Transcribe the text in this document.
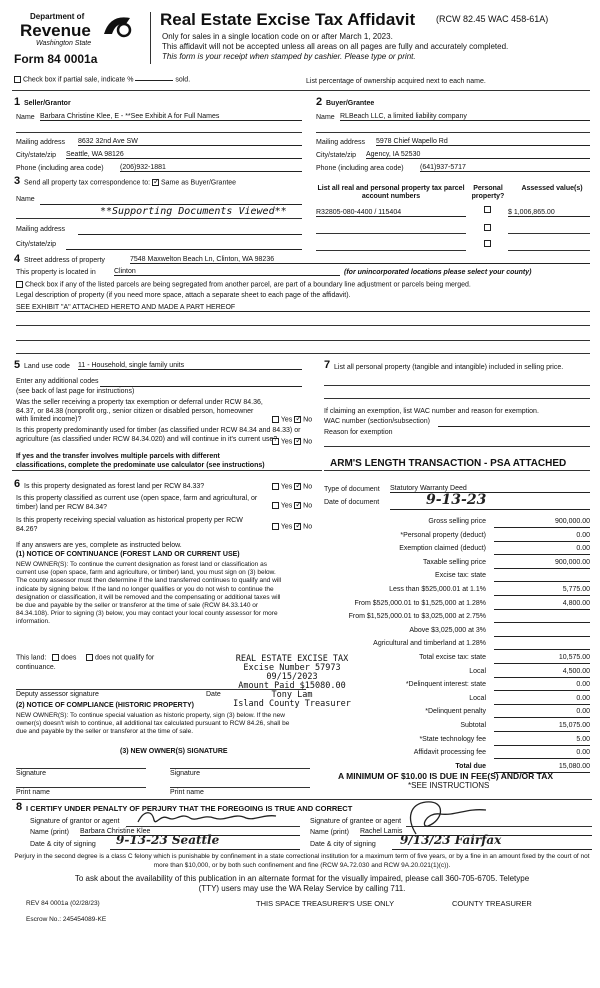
Department of
Revenue
Washington State
Form 84 0001a
Real Estate Excise Tax Affidavit (RCW 82.45 WAC 458-61A)
Only for sales in a single location code on or after March 1, 2023.
This affidavit will not be accepted unless all areas on all pages are fully and accurately completed.
This form is your receipt when stamped by cashier. Please type or print.
Check box if partial sale, indicate %	sold.	List percentage of ownership acquired next to each name.
1 Seller/Grantor
Name Barbara Christine Klee, E - **See Exhibit A for Full Names
Mailing address 8632 32nd Ave SW
City/state/zip Seattle, WA 98126
Phone (including area code) (206)932-1881
2 Buyer/Grantee
Name RLBeach LLC, a limited liability company
Mailing address 5978 Chief Wapello Rd
City/state/zip Agency, IA 52530
Phone (including area code) (641)937-5717
3 Send all property tax correspondence to: ✓ Same as Buyer/Grantee
Name
**Supporting Documents Viewed**
Mailing address
City/state/zip
List all real and personal property tax parcel account numbers
Personal property?
Assessed value(s)
R32805-080-4400 / 115404	$ 1,006,865.00
4 Street address of property	7548 Maxwelton Beach Ln, Clinton, WA 98236
This property is located in	Clinton	(for unincorporated locations please select your county)
Check box if any of the listed parcels are being segregated from another parcel, are part of a boundary line adjustment or parcels being merged.
Legal description of property (if you need more space, attach a separate sheet to each page of the affidavit).
SEE EXHIBIT "A" ATTACHED HERETO AND MADE A PART HEREOF
5 Land use code 11 - Household, single family units
Enter any additional codes
(see back of last page for instructions)
Was the seller receiving a property tax exemption or deferral under RCW 84.36, 84.37, or 84.38 (nonprofit org., senior citizen or disabled person, homeowner with limited income)?	Yes ✓ No
Is this property predominantly used for timber (as classified under RCW 84.34 and 84.33) or agriculture (as classified under RCW 84.34.020) and will continue in it's current use?
If yes and the transfer involves multiple parcels with different classifications, complete the predominate use calculator (see instructions)
Yes ✓ No
7 List all personal property (tangible and intangible) included in selling price.
If claiming an exemption, list WAC number and reason for exemption.
WAC number (section/subsection)
Reason for exemption
ARM'S LENGTH TRANSACTION - PSA ATTACHED
6 Is this property designated as forest land per RCW 84.33?	Yes ✓ No
Is this property classified as current use (open space, farm and agricultural, or timber) land per RCW 84.34?	Yes ✓ No
Is this property receiving special valuation as historical property per RCW 84.26?	Yes ✓ No
If any answers are yes, complete as instructed below.
(1) NOTICE OF CONTINUANCE (FOREST LAND OR CURRENT USE)
NEW OWNER(S): To continue the current designation as forest land or classification as current use (open space, farm and agriculture, or timber) land, you must sign on (3) below. The county assessor must then determine if the land transferred continues to qualify and will indicate by signing below. If the land no longer qualifies or you do not wish to continue the designation or classification, it will be removed and the compensating or additional taxes will be due and payable by the seller or transferor at the time of sale (RCW 84.33.140 or 84.34.108). Prior to signing (3) below, you may contact your local county assessor for more information.
This land: does	does not qualify for
continuance.
Deputy assessor signature	Date
(2) NOTICE OF COMPLIANCE (HISTORIC PROPERTY)
NEW OWNER(S): To continue special valuation as historic property, sign (3) below. If the new owner(s) doesn't wish to continue, all additional tax calculated pursuant to RCW 84.26, shall be due and payable by the seller or transferor at the time of sale.
(3) NEW OWNER(S) SIGNATURE
Signature	Signature
Print name	Print name
Type of document Statutory Warranty Deed
Date of document	9-13-23
Gross selling price	900,000.00
*Personal property (deduct)	0.00
Exemption claimed (deduct)	0.00
Taxable selling price	900,000.00
Excise tax: state
Less than $525,000.01 at 1.1%	5,775.00
From $525,000.01 to $1,525,000 at 1.28%	4,800.00
From $1,525,000.01 to $3,025,000 at 2.75%
Above $3,025,000 at 3%
Agricultural and timberland at 1.28%
Total excise tax: state	10,575.00
Local	4,500.00
*Delinquent interest: state	0.00
Local	0.00
*Delinquent penalty	0.00
Subtotal	15,075.00
*State technology fee	5.00
Affidavit processing fee	0.00
Total due	15,080.00
REAL ESTATE EXCISE TAX
Excise Number 57973
09/15/2023
Amount Paid $15080.00
Tony Lam
Island County Treasurer
A MINIMUM OF $10.00 IS DUE IN FEE(S) AND/OR TAX
*SEE INSTRUCTIONS
8 I CERTIFY UNDER PENALTY OF PERJURY THAT THE FOREGOING IS TRUE AND CORRECT
Signature of grantor or agent
Name (print) Barbara Christine Klee
Date & city of signing 9-13-23 Seattle
Signature of grantee or agent
Name (print) Rachel Lamis
Date & city of signing 9/13/23 Fairfax
Perjury in the second degree is a class C felony which is punishable by confinement in a state correctional institution for a maximum term of five years, or by a fine in an amount fixed by the court of not more than $10,000, or by both such confinement and fine (RCW 9A.72.030 and RCW 9A.20.021(1)(c)).
To ask about the availability of this publication in an alternate format for the visually impaired, please call 360-705-6705. Teletype
(TTY) users may use the WA Relay Service by calling 711.
REV 84 0001a (02/28/23)	THIS SPACE TREASURER'S USE ONLY	COUNTY TREASURER
Escrow No.: 245454089-KE
